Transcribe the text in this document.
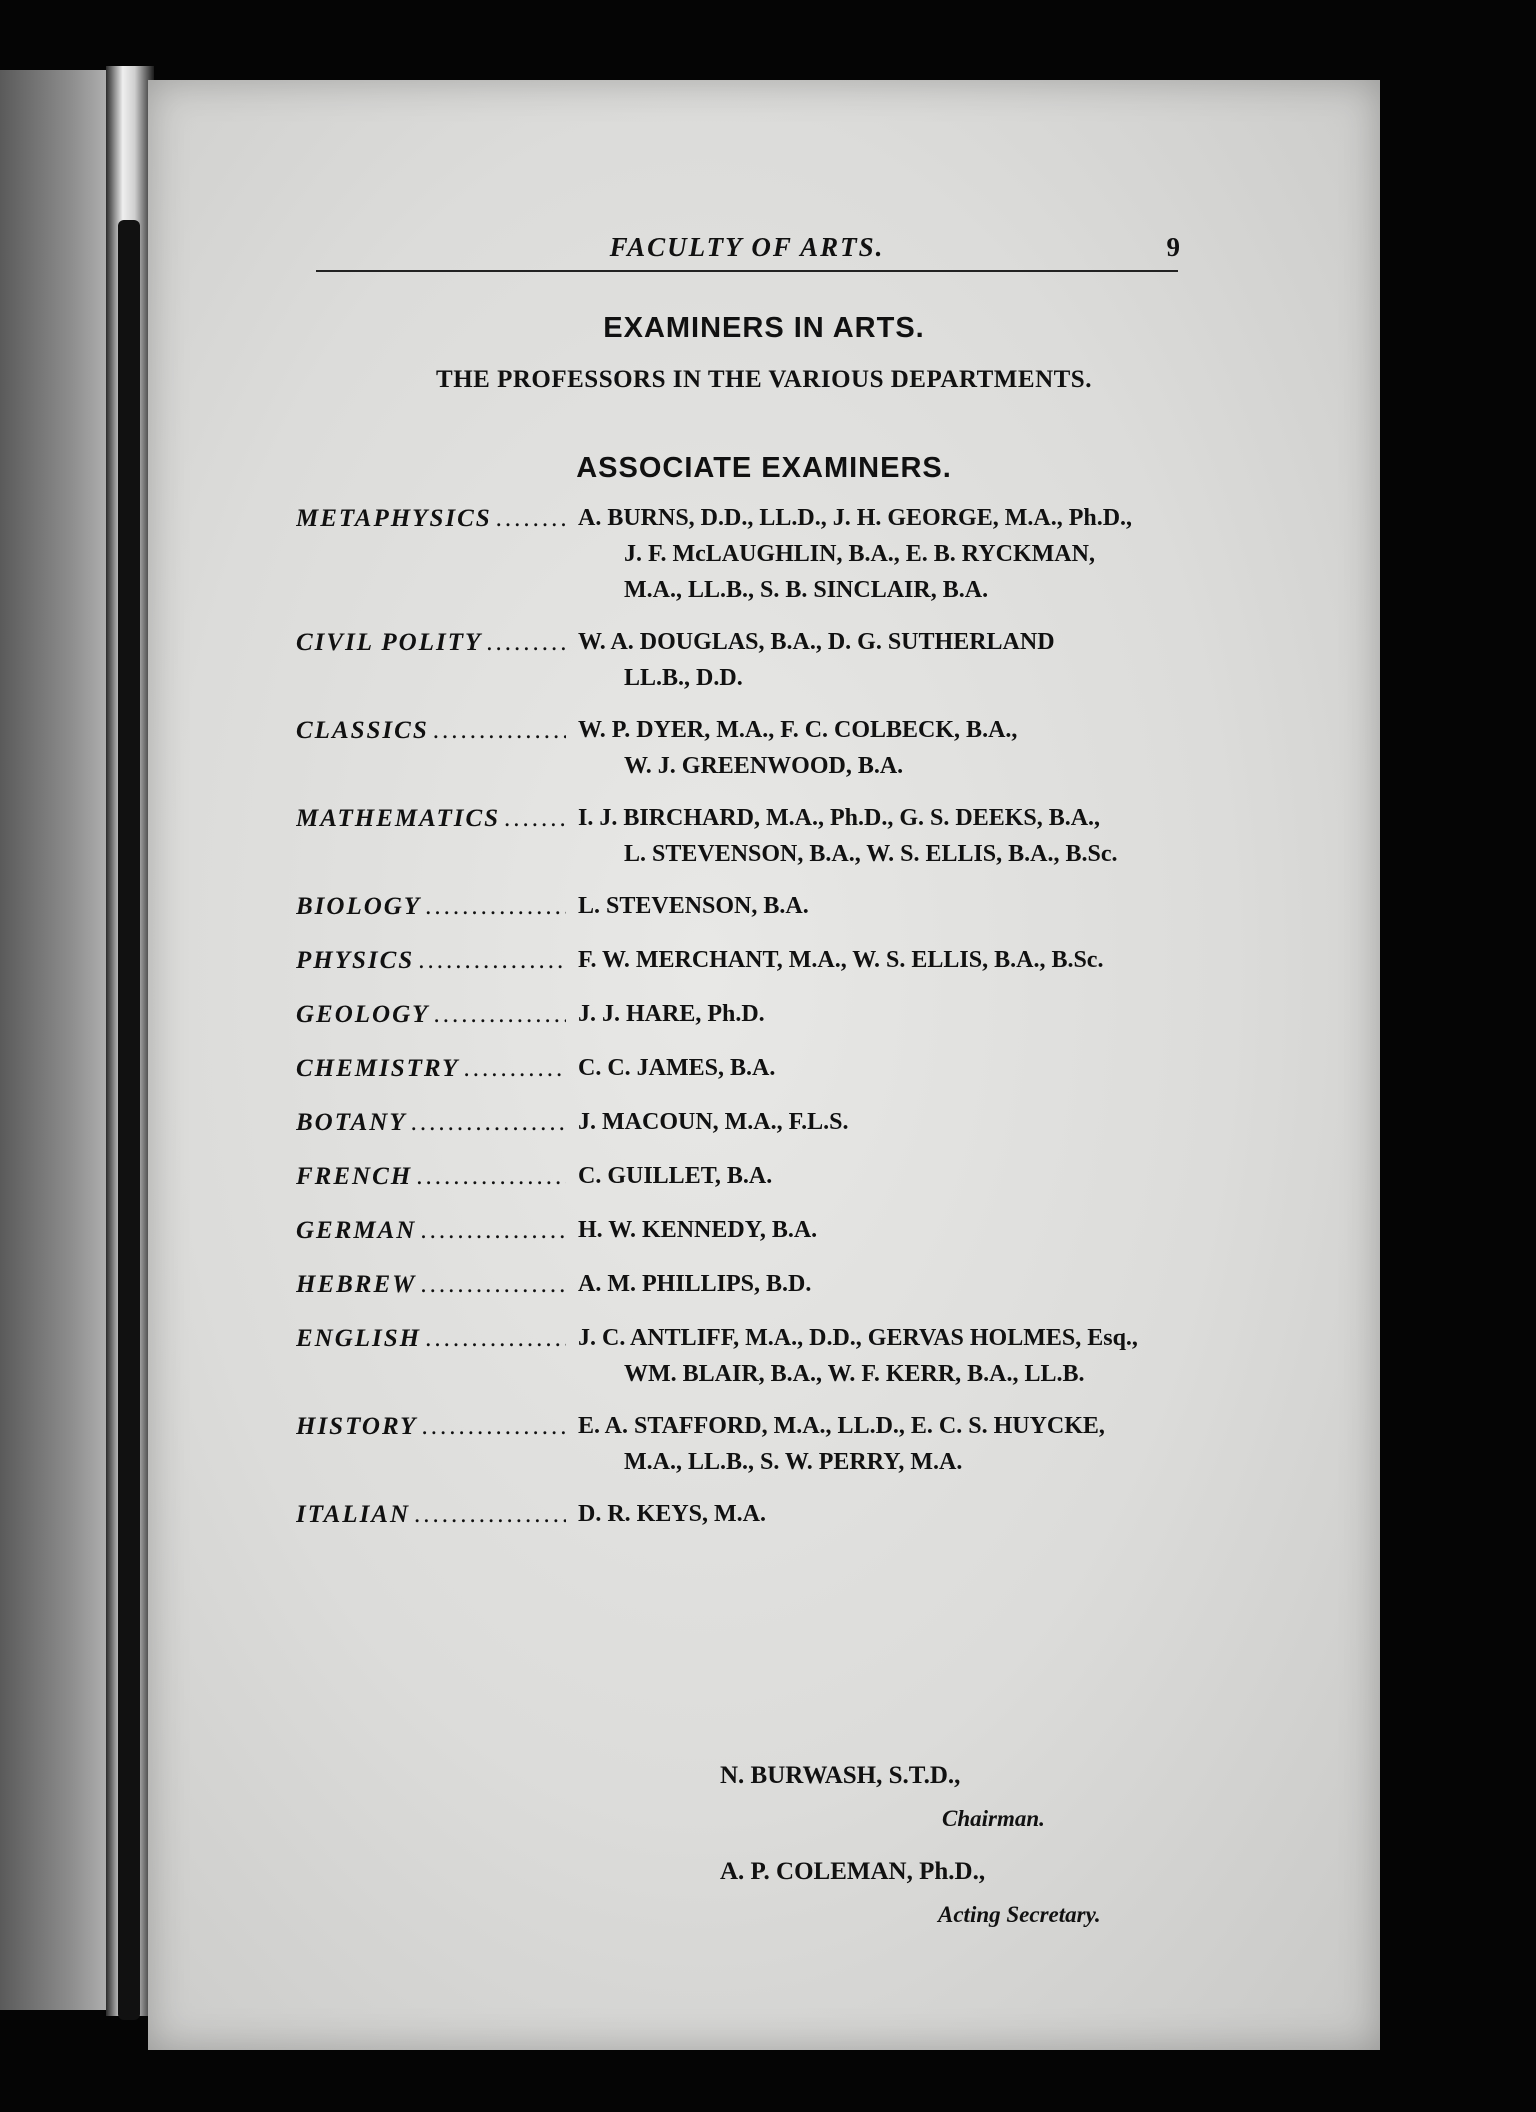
FACULTY OF ARTS.	9
EXAMINERS IN ARTS.
THE PROFESSORS IN THE VARIOUS DEPARTMENTS.
ASSOCIATE EXAMINERS.
METAPHYSICS .....	A. BURNS, D.D., LL.D., J. H. GEORGE, M.A., Ph.D.,
J. F. McLAUGHLIN, B.A., E. B. RYCKMAN,
M.A., LL.B., S. B. SINCLAIR, B.A.
CIVIL POLITY .....	W. A. DOUGLAS, B.A., D. G. SUTHERLAND
LL.B., D.D.
CLASSICS .....	W. P. DYER, M.A., F. C. COLBECK, B.A.,
W. J. GREENWOOD, B.A.
MATHEMATICS .....	I. J. BIRCHARD, M.A., Ph.D., G. S. DEEKS, B.A.,
L. STEVENSON, B.A., W. S. ELLIS, B.A., B.Sc.
BIOLOGY .....	L. STEVENSON, B.A.
PHYSICS .....	F. W. MERCHANT, M.A., W. S. ELLIS, B.A., B.Sc.
GEOLOGY .....	J. J. HARE, Ph.D.
CHEMISTRY .....	C. C. JAMES, B.A.
BOTANY .....	J. MACOUN, M.A., F.L.S.
FRENCH .....	C. GUILLET, B.A.
GERMAN .....	H. W. KENNEDY, B.A.
HEBREW .....	A. M. PHILLIPS, B.D.
ENGLISH .....	J. C. ANTLIFF, M.A., D.D., GERVAS HOLMES, Esq.,
WM. BLAIR, B.A., W. F. KERR, B.A., LL.B.
HISTORY .....	E. A. STAFFORD, M.A., LL.D., E. C. S. HUYCKE,
M.A., LL.B., S. W. PERRY, M.A.
ITALIAN .....	D. R. KEYS, M.A.
N. BURWASH, S.T.D.,
Chairman.
A. P. COLEMAN, Ph.D.,
Acting Secretary.
